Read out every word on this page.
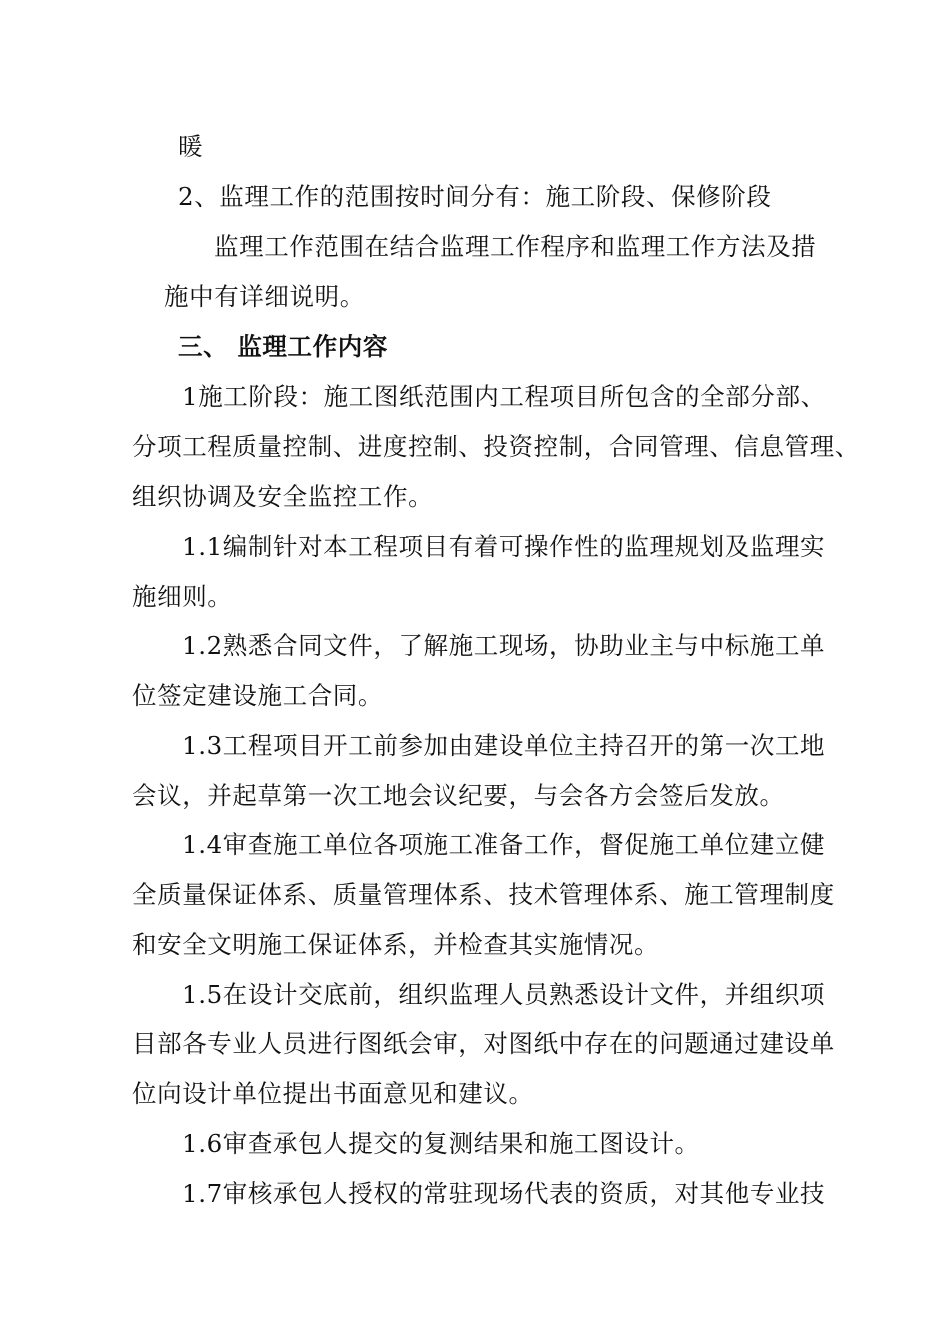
暖
2、监理工作的范围按时间分有：施工阶段、保修阶段
监理工作范围在结合监理工作程序和监理工作方法及措
施中有详细说明。
三、 监理工作内容
1施工阶段：施工图纸范围内工程项目所包含的全部分部、
分项工程质量控制、进度控制、投资控制，合同管理、信息管理、
组织协调及安全监控工作。
1.1编制针对本工程项目有着可操作性的监理规划及监理实
施细则。
1.2熟悉合同文件，了解施工现场，协助业主与中标施工单
位签定建设施工合同。
1.3工程项目开工前参加由建设单位主持召开的第一次工地
会议，并起草第一次工地会议纪要，与会各方会签后发放。
1.4审查施工单位各项施工准备工作，督促施工单位建立健
全质量保证体系、质量管理体系、技术管理体系、施工管理制度
和安全文明施工保证体系，并检查其实施情况。
1.5在设计交底前，组织监理人员熟悉设计文件，并组织项
目部各专业人员进行图纸会审，对图纸中存在的问题通过建设单
位向设计单位提出书面意见和建议。
1.6审查承包人提交的复测结果和施工图设计。
1.7审核承包人授权的常驻现场代表的资质，对其他专业技
